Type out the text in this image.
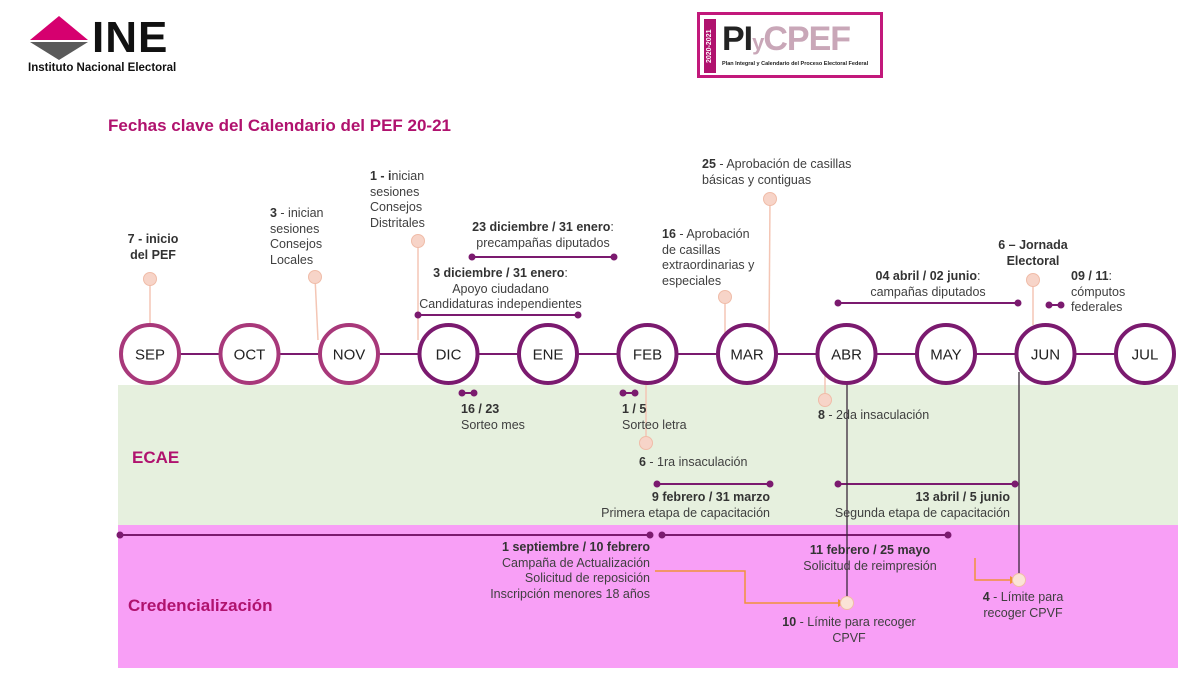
INE
Instituto Nacional Electoral
2020-2021 PIyCPEF
Plan Integral y Calendario del Proceso Electoral Federal
Fechas clave del Calendario del PEF 20-21
ECAE
Credencialización
SEP	OCT	NOV	DIC	ENE	FEB	MAR	ABR	MAY	JUN	JUL
7 - inicio
del PEF
3 - inician
sesiones
Consejos
Locales
1 - inician
sesiones
Consejos
Distritales	23 diciembre / 31 enero:
precampañas diputados
3 diciembre / 31 enero:
Apoyo ciudadano
Candidaturas independientes
16 - Aprobación
de casillas
extraordinarias y
especiales
25 - Aprobación de casillas
básicas y contiguas
04 abril / 02 junio:
campañas diputados
6 – Jornada
Electoral
09 / 11:
cómputos
federales
16 / 23
Sorteo mes
1 / 5
Sorteo letra
6 - 1ra insaculación
8 - 2da insaculación
9 febrero / 31 marzo
Primera etapa de capacitación
13 abril / 5 junio
Segunda etapa de capacitación
1 septiembre / 10 febrero
Campaña de Actualización
Solicitud de reposición
Inscripción menores 18 años
11 febrero / 25 mayo
Solicitud de reimpresión
10 - Límite para recoger
CPVF
4 - Límite para
recoger CPVF
